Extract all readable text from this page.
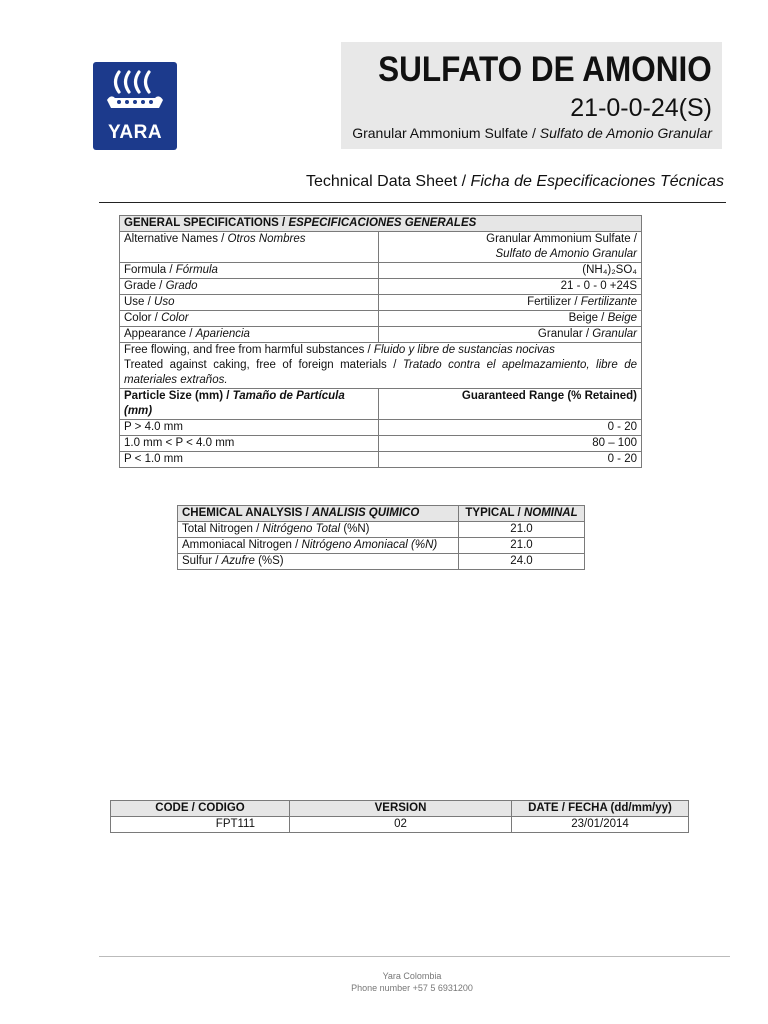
YARA
SULFATO DE AMONIO
21-0-0-24(S)
Granular Ammonium Sulfate / Sulfato de Amonio Granular
Technical Data Sheet / Ficha de Especificaciones Técnicas
GENERAL SPECIFICATIONS / ESPECIFICACIONES GENERALES	
Alternative Names / Otros Nombres	Granular Ammonium Sulfate /
Sulfato de Amonio Granular
Formula / Fórmula	(NH₄)₂SO₄
Grade / Grado	21 - 0 - 0 +24S
Use / Uso	Fertilizer / Fertilizante
Color / Color	Beige / Beige
Appearance / Apariencia	Granular / Granular

Free flowing, and free from harmful substances / Fluido y libre de sustancias nocivas
Treated against caking, free of foreign materials / Tratado contra el apelmazamiento, libre de materiales extraños.	

Particle Size (mm) / Tamaño de Partícula (mm)	Guaranteed Range (% Retained)
P > 4.0 mm	0 - 20
1.0 mm < P < 4.0 mm	80 – 100
P < 1.0 mm	0 - 20
CHEMICAL ANALYSIS / ANALISIS QUIMICO	TYPICAL / NOMINAL
Total Nitrogen / Nitrógeno Total (%N)	21.0
Ammoniacal Nitrogen / Nitrógeno Amoniacal (%N)	21.0
Sulfur / Azufre (%S)	24.0
CODE / CODIGO	VERSION	DATE / FECHA (dd/mm/yy)
FPT111	02	23/01/2014
Yara Colombia
Phone number +57 5 6931200
